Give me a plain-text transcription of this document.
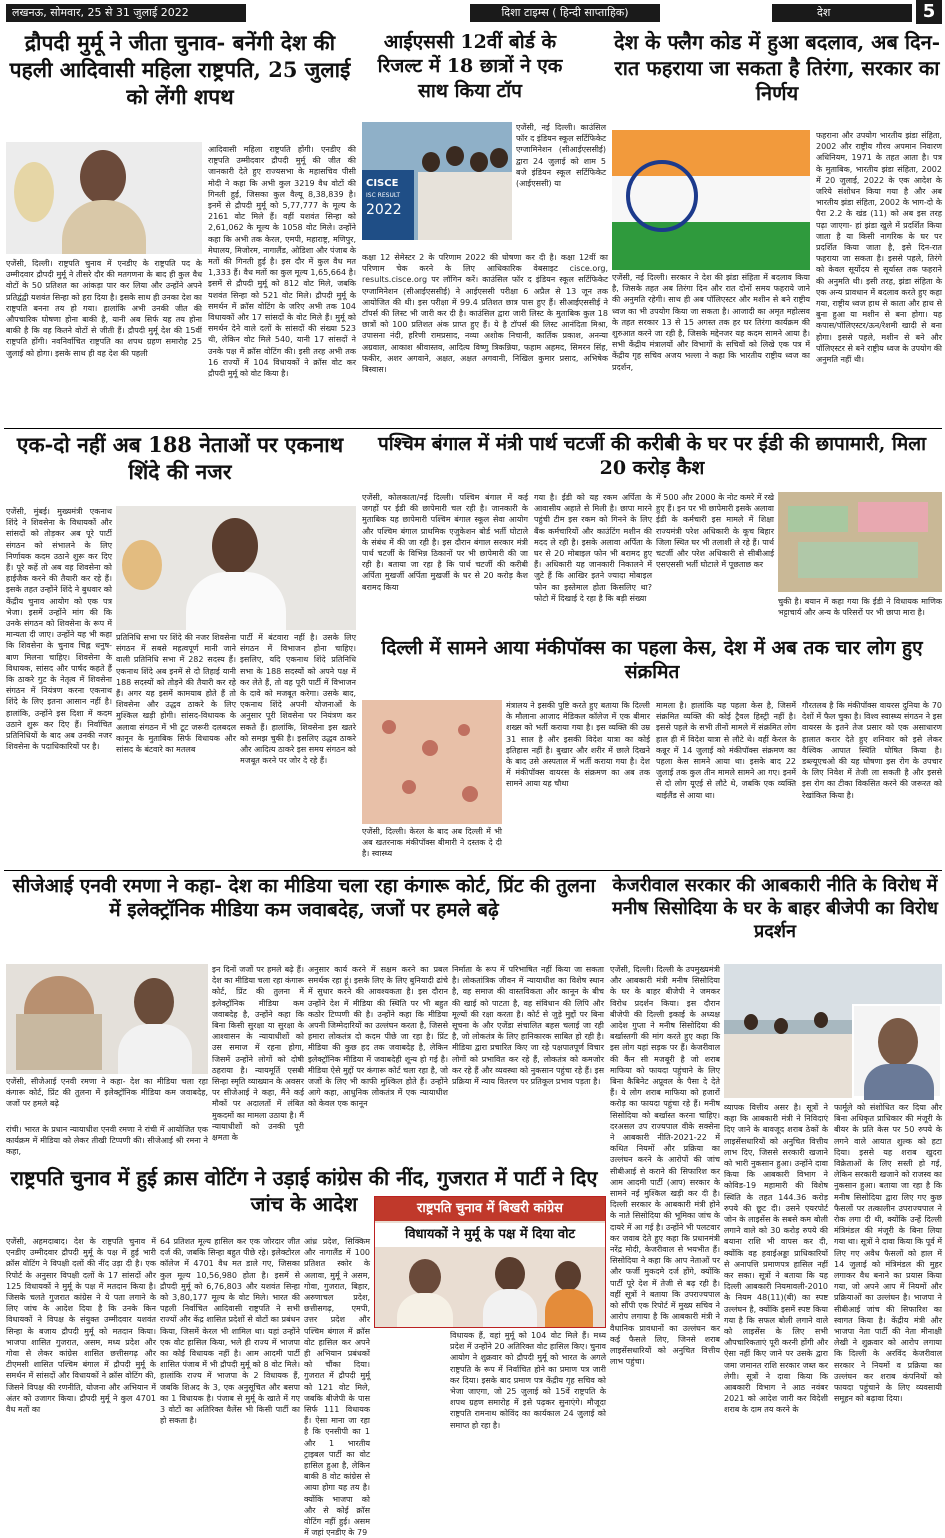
लखनऊ, सोमवार, 25 से 31 जुलाई 2022	दिशा टाइम्स ( हिन्दी साप्ताहिक)	देश	5
द्रौपदी मुर्मू ने जीता चुनाव- बनेंगी देश की पहली आदिवासी महिला राष्ट्रपति, 25 जुलाई को लेंगी शपथ
एजेंसी, दिल्ली। राष्ट्रपति चुनाव में एनडीए के राष्ट्रपति पद के उम्मीदवार द्रौपदी मुर्मू ने तीसरे दौर की मतगणना के बाद ही कुल वैध वोटों के 50 प्रतिशत का आंकड़ा पार कर लिया और उन्होंने अपने प्रतिद्वंद्वी यशवंत सिन्हा को हरा दिया है। इसके साथ ही उनका देश का राष्ट्रपति बनना तय हो गया। हालांकि अभी उनकी जीत की औपचारिक घोषणा होना बाकी है, यानी अब सिर्फ यह तय होना बाकी है कि वह कितने वोटों से जीती हैं। द्रौपदी मुर्मू देश की 15वीं राष्ट्रपति होंगी। नवनिर्वाचित राष्ट्रपति का शपथ ग्रहण समारोह 25 जुलाई को होगा। इसके साथ ही वह देश की पहली
आदिवासी महिला राष्ट्रपति होंगी। एनडीए की राष्ट्रपति उम्मीदवार द्रौपदी मुर्मू की जीत की जानकारी देते हुए राज्यसभा के महासचिव पीसी मोदी ने कहा कि अभी कुल 3219 वैध वोटों की गिनती हुई, जिसका कुल वैल्यू 8,38,839 है। इनमें से द्रौपदी मुर्मू को 5,77,777 के मूल्य के 2161 वोट मिले हैं। वहीं यशवंत सिन्हा को 2,61,062 के मूल्य के 1058 वोट मिले। उन्होंने कहा कि अभी तक केरल, एमपी, महाराष्ट्र, मणिपुर, मेघालय, मिजोरम, नागालैंड, ओडिशा और पंजाब के मतों की गिनती हुई है। इस दौर में कुल वैध मत 1,333 हैं। वैध मतों का कुल मूल्य 1,65,664 है। इसमें से द्रौपदी मुर्मू को 812 वोट मिले, जबकि यशवंत सिन्हा को 521 वोट मिले। द्रौपदी मुर्मू के समर्थन में क्रॉस वोटिंग के जरिए अभी तक 104 विधायकों और 17 सांसदों के वोट मिले हैं। मुर्मू को समर्थन देने वाले दलों के सांसदों की संख्या 523 थी, लेकिन वोट मिले 540, यानी 17 सांसदों ने उनके पक्ष में क्रॉस वोटिंग की। इसी तरह अभी तक 16 राज्यों में 104 विधायकों ने क्रॉस वोट कर द्रौपदी मुर्मू को वोट किया है।
आईएससी 12वीं बोर्ड के रिजल्ट में 18 छात्रों ने एक साथ किया टॉप
CISCE
ISC RESULT
2022
एजेंसी, नई दिल्ली। काउंसिल फॉर द इंडियन स्कूल सर्टिफिकेट एग्जामिनेशन (सीआईएससीई) द्वारा 24 जुलाई को शाम 5 बजे इंडियन स्कूल सर्टिफिकेट (आईएससी) या
कक्षा 12 सेमेस्टर 2 के परिणाम 2022 की घोषणा कर दी है। कक्षा 12वीं का परिणाम चेक करने के लिए आधिकारिक वेबसाइट cisce.org, results.cisce.org पर लॉगिन करें। काउंसिल फॉर द इंडियन स्कूल सर्टिफिकेट एग्जामिनेशन (सीआईएससीई) ने आईएससी परीक्षा 6 अप्रैल से 13 जून तक आयोजित की थी। इस परीक्षा में 99.4 प्रतिशत छात्र पास हुए हैं। सीआईएससीई ने टॉपर्स की लिस्ट भी जारी कर दी है। काउंसिल द्वारा जारी लिस्ट के मुताबिक कुल 18 छात्रों को 100 प्रतिशत अंक प्राप्त हुए हैं। ये है टॉपर्स की लिस्ट आनंदिता मिश्रा, उपासना नंदी, हरिणी रामप्रसाद, नव्या अशोक निचानी, कार्तिक प्रकाश, अनन्या अग्रवाल, आकाश श्रीवास्तव, आदित्य विष्णु त्रिकन्निया, फहाम अहमद, सिमरन सिंह, फकीर, अशर अगवाने, अक्षत, अक्षत अगवानी, निखिल कुमार प्रसाद, अभिषेक बिस्वास।
देश के फ्लैग कोड में हुआ बदलाव, अब दिन-रात फहराया जा सकता है तिरंगा, सरकार का निर्णय
एजेंसी, नई दिल्ली। सरकार ने देश की झंडा संहिता में बदलाव किया है, जिसके तहत अब तिरंगा दिन और रात दोनों समय फहराये जाने की अनुमति रहेगी। साथ ही अब पॉलिएस्टर और मशीन से बने राष्ट्रीय ध्वज का भी उपयोग किया जा सकता है। आजादी का अमृत महोत्सव के तहत सरकार 13 से 15 अगस्त तक हर घर तिरंगा कार्यक्रम की शुरुआत करने जा रही है, जिसके मद्देनजर यह कदम सामने आया है। सभी केंद्रीय मंत्रालयों और विभागों के सचिवों को लिखे एक पत्र में केंद्रीय गृह सचिव अजय भल्ला ने कहा कि भारतीय राष्ट्रीय ध्वज का प्रदर्शन,
फहराना और उपयोग भारतीय झंडा संहिता, 2002 और राष्ट्रीय गौरव अपमान निवारण अधिनियम, 1971 के तहत आता है। पत्र के मुताबिक, भारतीय झंडा संहिता, 2002 में 20 जुलाई, 2022 के एक आदेश के जरिये संशोधन किया गया है और अब भारतीय झंडा संहिता, 2002 के भाग-दो के पैरा 2.2 के खंड (11) को अब इस तरह पढ़ा जाएगा- हां झंडा खुले में प्रदर्शित किया जाता है या किसी नागरिक के घर पर प्रदर्शित किया जाता है, इसे दिन-रात फहराया जा सकता है। इससे पहले, तिरंगे को केवल सूर्योदय से सूर्यास्त तक फहराने की अनुमति थी। इसी तरह, झंडा संहिता के एक अन्य प्रावधान में बदलाव करते हुए कहा गया, राष्ट्रीय ध्वज हाथ से काता और हाथ से बुना हुआ या मशीन से बना होगा। यह कपास/पॉलिएस्टर/ऊन/रेशमी खादी से बना होगा। इससे पहले, मशीन से बने और पॉलिएस्टर से बने राष्ट्रीय ध्वज के उपयोग की अनुमति नहीं थी।
एक-दो नहीं अब 188 नेताओं पर एकनाथ शिंदे की नजर
एजेंसी, मुंबई। मुख्यमंत्री एकनाथ शिंदे ने शिवसेना के विधायकों और सांसदों को तोड़कर अब पूरे पार्टी संगठन को संभालने के लिए निर्णायक कदम उठाने शुरू कर दिए हैं। पूरे कहें तो अब वह शिवसेना को हाईजैक करने की तैयारी कर रहे हैं। इसके तहत उन्होंने शिंदे ने बुधवार को केंद्रीय चुनाव आयोग को एक पत्र भेजा। इसमें उन्होंने मांग की कि उनके संगठन को शिवसेना के रूप में मान्यता दी जाए। उन्होंने यह भी कहा कि शिवसेना के चुनाव चिह्न धनुष-बाण मिलना चाहिए। शिवसेना के विधायक, सांसद और पार्षद कहते हैं कि ठाकरे गुट के नेतृत्व में शिवसेना संगठन में नियंत्रण करना एकनाथ शिंदे के लिए इतना आसान नहीं है। हालांकि, उन्होंने इस दिशा में कदम उठाने शुरू कर दिए हैं। निर्वाचित प्रतिनिधियों के बाद अब उनकी नजर शिवसेना के पदाधिकारियों पर है।
प्रतिनिधि सभा पर शिंदे की नजर शिवसेना संगठन में सबसे महत्वपूर्ण मानी जाने वाली प्रतिनिधि सभा में 282 सदस्य हैं। एकनाथ शिंदे अब इनमें से दो तिहाई यानी 188 सदस्यों को तोड़ने की तैयारी कर रहे हैं। अगर यह इसमें कामयाब होते हैं तो शिवसेना और उद्धव ठाकरे के लिए मुश्किल खड़ी होगी। सांसद-विधायक के अलावा संगठन में भी टूट जरूरी दलबदल कानून के मुताबिक सिर्फ विधायक और सांसद के बंटवारे का मतलब
पार्टी में बंटवारा नहीं है। उसके लिए संगठन में विभाजन होना चाहिए। इसलिए, यदि एकनाथ शिंदे प्रतिनिधि सभा के 188 सदस्यों को अपने पक्ष में कर लेते हैं, तो वह पूरी पार्टी में विभाजन के दावे को मजबूत करेगा। उसके बाद, एकनाथ शिंदे अपनी योजनाओं के अनुसार पूरी शिवसेना पर नियंत्रण कर सकते हैं। हालांकि, शिवसेना इस खतरे को समझ चुकी है। इसलिए उद्धव ठाकरे और आदित्य ठाकरे इस समय संगठन को मजबूत करने पर जोर दे रहे हैं।
पश्चिम बंगाल में मंत्री पार्थ चटर्जी की करीबी के घर पर ईडी की छापामारी, मिला 20 करोड़ कैश
एजेंसी, कोलकाता/नई दिल्ली। पश्चिम बंगाल में कई जगहों पर ईडी की छापेमारी चल रही है। जानकारी के मुताबिक यह छापेमारी पश्चिम बंगाल स्कूल सेवा आयोग और पश्चिम बंगाल प्राथमिक एजुकेशन बोर्ड भर्ती घोटाले के संबंध में की जा रही है। इस दौरान बंगाल सरकार मंत्री पार्थ चटर्जी के विभिन्न ठिकानों पर भी छापेमारी की जा रही है। बताया जा रहा है कि पार्थ चटर्जी की करीबी अर्पिता मुखर्जी अर्पिता मुखर्जी के घर से 20 करोड़ कैश बरामद किया
गया है। ईडी को यह रकम अर्पिता के आवासीय अहाते से मिली है। छापा मारने पहुंची टीम इस रकम को गिनने के लिए बैंक कर्मचारियों और काउंटिंग मशीन की मदद ले रही है। इसके अलावा अर्पिता के घर से 20 मोबाइल फोन भी बरामद हुए हैं। अधिकारी यह जानकारी निकालने में जुटे हैं कि आखिर इतने ज्यादा मोबाइल फोन का इस्तेमाल होता किसलिए था? फोटो में दिखाई दे रहा है कि बड़ी संख्या
में 500 और 2000 के नोट कमरे में रखे हुए हैं। इन पर भी छापेमारी इसके अलावा ईडी के कर्मचारी इस मामले में शिक्षा राज्यमंत्री परेश अधिकारी के कूच बिहार जिला स्थित घर भी तलाशी ले रहे हैं। पार्थ चटर्जी और परेश अधिकारी से सीबीआई एसएससी भर्ती घोटाले में पूछताछ कर
चुकी है। बयान में कहा गया कि ईडी ने विधायक माणिक भट्टाचार्य और अन्य के परिसरों पर भी छापा मारा है।
दिल्ली में सामने आया मंकीपॉक्स का पहला केस, देश में अब तक चार लोग हुए संक्रमित
एजेंसी, दिल्ली। केरल के बाद अब दिल्ली में भी अब खतरनाक मंकीपॉक्स बीमारी ने दस्तक दे दी है। स्वास्थ्य
मंत्रालय ने इसकी पुष्टि करते हुए बताया कि दिल्ली के मौलाना आजाद मेडिकल कॉलेज में एक बीमार शख्स को भर्ती कराया गया है। इस व्यक्ति की उम्र 31 साल है और इसकी विदेश यात्रा का कोई इतिहास नहीं है। बुखार और शरीर में छाले दिखने के बाद उसे अस्पताल में भर्ती कराया गया है। देश में मंकीपॉक्स वायरस के संक्रमण का अब तक सामने आया यह चौथा
मामला है। हालांकि यह पहला केस है, जिसमें संक्रमित व्यक्ति की कोई ट्रैवल हिस्ट्री नहीं है। इससे पहले के सभी तीनों मामले में संक्रमित लोग हाल ही में विदेश यात्रा से लौटे थे। वहीं केरल के कन्नूर में 14 जुलाई को मंकीपॉक्स संक्रमण का पहला केस सामने आया था। इसके बाद 22 जुलाई तक कुल तीन मामले सामने आ गए। इनमें से दो लोग यूएई से लौटे थे, जबकि एक व्यक्ति थाईलैंड से आया था।
गौरतलब है कि मंकीपॉक्स वायरस दुनिया के 70 देशों में फैल चुका है। विश्व स्वास्थ्य संगठन ने इस वायरस के इतने तेज प्रसार को एक असाधारण हालात करार देते हुए शनिवार को इसे लेकर वैश्विक आपात स्थिति घोषित किया है। डब्ल्यूएचओ की यह घोषणा इस रोग के उपचार के लिए निवेश में तेजी ला सकती है और इससे इस रोग का टीका विकसित करने की जरूरत को रेखांकित किया है।
सीजेआई एनवी रमणा ने कहा- देश का मीडिया चला रहा कंगारू कोर्ट, प्रिंट की तुलना में इलेक्ट्रॉनिक मीडिया कम जवाबदेह, जजों पर हमले बढ़े
एजेंसी, सीजेआई एनवी रमणा ने कहा- देश का मीडिया चला रहा कंगारू कोर्ट, प्रिंट की तुलना में इलेक्ट्रॉनिक मीडिया कम जवाबदेह, जजों पर हमले बढ़े
रांची। भारत के प्रधान न्यायाधीश एनवी रमणा ने रांची में आयोजित एक कार्यक्रम में मीडिया को लेकर तीखी टिप्पणी की। सीजेआई श्री रमना ने कहा,
इन दिनों जजों पर हमले बढ़े हैं। देश का मीडिया चला रहा कंगारू कोर्ट, प्रिंट की तुलना में इलेक्ट्रॉनिक मीडिया कम जवाबदेह है, उन्होंने कहा कि बिना किसी सुरक्षा या सुरक्षा के आश्वासन के न्यायाधीशों को उस समाज में रहना होगा, जिसमें उन्होंने लोगों को दोषी ठहराया है। न्यायमूर्ति एसबी सिन्हा स्मृति व्याख्यान के अवसर पर सीजेआई ने कहा, मैंने कई मौकों पर अदालतों में लंबित मुकदमों का मामला उठाया है। मैं न्यायाधीशों को उनकी पूरी क्षमता के
अनुसार कार्य करने में सक्षम करने का प्रबल समर्थक रहा हूं। इसके लिए के लिए बुनियादी ढांचे में सुधार करने की आवश्यकता है। इस दौरान उन्होंने देश में मीडिया की स्थिति पर भी बहुत कठोर टिप्पणी की है। उन्होंने कहा कि मीडिया अपनी जिम्मेदारियों का उल्लंघन करता है, जिससे हमारा लोकतंत्र दो कदम पीछे जा रहा है। प्रिंट मीडिया की कुछ हद तक जवाबदेह है, लेकिन इलेक्ट्रॉनिक मीडिया में जवाबदेही शून्य हो गई है। मीडिया ऐसे मुद्दों पर कंगारू कोर्ट चला रहा है, जो जजों के लिए भी काफी मुश्किल होते हैं। उन्होंने आगे कहा, आधुनिक लोकतंत्र में एक न्यायाधीश को केवल एक कानून
निर्माता के रूप में परिभाषित नहीं किया जा सकता है। लोकतांत्रिक जीवन में न्यायाधीश का विशेष स्थान है, वह समाज की वास्तविकता और कानून के बीच की खाई को पाटता है, वह संविधान की लिपि और मूल्यों की रक्षा करता है। कोर्ट से जुड़े मुद्दों पर बिना सूचना के और एजेंडा संचालित बहस चलाई जा रही है, जो लोकतंत्र के लिए हानिकारक साबित हो रही है। मीडिया द्वारा प्रचारित किए जा रहे पक्षपातपूर्ण विचार लोगों को प्रभावित कर रहे हैं, लोकतंत्र को कमजोर कर रहे हैं और व्यवस्था को नुकसान पहुंचा रहे हैं। इस प्रक्रिया में न्याय वितरण पर प्रतिकूल प्रभाव पड़ता है।
केजरीवाल सरकार की आबकारी नीति के विरोध में मनीष सिसोदिया के घर के बाहर बीजेपी का विरोध प्रदर्शन
एजेंसी, दिल्ली। दिल्ली के उपमुख्यमंत्री और आबकारी मंत्री मनीष सिसोदिया के घर के बाहर बीजेपी ने जमकर विरोध प्रदर्शन किया। इस दौरान बीजेपी की दिल्ली इकाई के अध्यक्ष आदेश गुप्ता ने मनीष सिसोदिया की बर्खास्तगी की मांग करते हुए कहा कि इस लोग यहां सड़क पर हैं। केजरीवाल की कैंन सी मजबूरी है जो शराब माफिया को फायदा पहुंचाने के लिए बिना कैबिनेट अप्रूवल के पैसा दे देते हैं। ये लोग शराब माफिया को हजारों करोड़ का फायदा पहुंचा रहे हैं। मनीष सिसोदिया को बर्खास्त करना चाहिए। दरअसल उप राज्यपाल वीके सक्सेना ने आबकारी नीति-2021-22 में कथित नियमों और प्रक्रिया का उल्लंघन करने के आरोपों की जांच सीबीआई से कराने की सिफारिश कर आम आदमी पार्टी (आप) सरकार के सामने नई मुश्किल खड़ी कर दी है। दिल्ली सरकार के आबकारी मंत्री होने के नाते सिसोदिया की भूमिका जांच के दायरे में आ गई है। उन्होंने भी पलटवार कर जवाब देते हुए कहा कि प्रधानमंत्री नरेंद्र मोदी, केजरीवाल से भयभीत हैं। सिसोदिया ने कहा कि आप नेताओं पर और फर्जी मुकदमे दर्ज होंगे, क्योंकि पार्टी पूरे देश में तेजी से बढ़ रही है। वहीं सूत्रों ने बताया कि उपराज्यपाल को सौंपी एक रिपोर्ट में मुख्य सचिव ने आरोप लगाया है कि आबकारी मंत्री ने वैधानिक प्रावधानों का उल्लंघन कर कई फैसले लिए, जिनसे शराब लाइसेंसधारियों को अनुचित वित्तीय लाभ पहुंचा।
व्यापक वित्तीय असर है। सूत्रों ने कहा कि आबकारी मंत्री ने निविदाएं दिए जाने के बावजूद शराब ठेकों के लाइसेंसधारियों को अनुचित वित्तीय लाभ दिए, जिससे सरकारी खजाने को भारी नुकसान हुआ। उन्होंने दावा किया कि आबकारी विभाग ने कोविड-19 महामारी की विशेष स्थिति के तहत 144.36 करोड़ रुपये की छूट दी। उसने एयरपोर्ट जोन के लाइसेंस के सबसे कम बोली लगाने वाले को 30 करोड़ रुपये की बयाना राशि भी वापस कर दी, क्योंकि वह हवाईअड्डा प्राधिकारियों से अनापत्ति प्रमाणपत्र हासिल नहीं कर सका। सूत्रों ने बताया कि यह दिल्ली आबकारी नियमावली-2010 के नियम 48(11)(बी) का स्पष्ट उल्लंघन है, क्योंकि इसमें स्पष्ट किया गया है कि सफल बोली लगाने वाले को लाइसेंस के लिए सभी औपचारिकताएं पूरी करनी होंगी और ऐसा नहीं किए जाने पर उसके द्वारा जमा जमानत राशि सरकार जब्त कर लेगी। सूत्रों ने दावा किया कि आबकारी विभाग ने आठ नवंबर 2021 को आदेश जारी कर विदेशी शराब के दाम तय करने के
फार्मूले को संशोधित कर दिया और बिना अधिकृत प्राधिकार की मंजूरी के बीयर के प्रति केस पर 50 रुपये के लगने वाले आयात शुल्क को हटा दिया। इससे यह शराब खुदरा विक्रेताओं के लिए सस्ती हो गई, लेकिन सरकारी खजाने को राजस्व का नुकसान हुआ। बताया जा रहा है कि मनीष सिसोदिया द्वारा लिए गए कुछ फैसलों पर तत्कालीन उपराज्यपाल ने रोक लगा दी थी, क्योंकि उन्हें दिल्ली मंत्रिमंडल की मंजूरी के बिना लिया गया था। सूत्रों ने दावा किया कि पूर्व में लिए गए अवैध फैसलों को हाल में 14 जुलाई को मंत्रिमंडल की मुहर लगाकर वैध बनाने का प्रयास किया गया, जो अपने आप में नियमों और प्रक्रियाओं का उल्लंघन है। भाजपा ने सीबीआई जांच की सिफारिश का स्वागत किया है। केंद्रीय मंत्री और भाजपा नेता पार्टी की नेता मीनाक्षी लेखी ने शुक्रवार को आरोप लगाया कि दिल्ली के अरविंद केजरीवाल सरकार ने नियमों व प्रक्रिया का उल्लंघन कर शराब कंपनियों को फायदा पहुंचाने के लिए व्यवसायी समूहन को बढ़ावा दिया।
राष्ट्रपति चुनाव में हुई क्रास वोटिंग ने उड़ाई कांग्रेस की नींद, गुजरात में पार्टी ने दिए जांच के आदेश
एजेंसी, अहमदाबाद। देश के राष्ट्रपति चुनाव में एनडीए उम्मीदवार द्रौपदी मुर्मू के पक्ष में हुई भारी क्रॉस वोटिंग ने विपक्षी दलों की नींद उड़ा दी है। एक रिपोर्ट के अनुसार विपक्षी दलों के 17 सांसदों और 125 विधायकों ने मुर्मू के पक्ष में मतदान किया है। जिसके चलते गुजरात कांग्रेस ने ये पता लगाने के लिए जांच के आदेश दिया है कि उनके किन विधायकों ने विपक्ष के संयुक्त उम्मीदवार यशवंत सिन्हा के बजाय द्रौपदी मुर्मू को मतदान किया। भाजपा शासित गुजरात, असम, मध्य प्रदेश और गोवा से लेकर कांग्रेस शासित छत्तीसगढ़ और टीएमसी शासित पश्चिम बंगाल में द्रौपदी मुर्मू के समर्थन में सांसदों और विधायकों ने क्रॉस वोटिंग की, जिसने विपक्ष की रणनीति, योजना और अभियान में अंतर को उजागर किया। द्रौपदी मुर्मू ने कुल 4701 वैध मतों का
64 प्रतिशत मूल्य हासिल कर एक जोरदार जीत दर्ज की, जबकि सिन्हा बहुत पीछे रहे। इलेक्टोरल कॉलेज में 4701 वैध मत डाले गए, जिसका कुल मूल्य 10,56,980 होता है। इसमें से द्रौपदी मुर्मू को 6,76,803 और यशवंत सिन्हा को 3,80,177 मूल्य के वोट मिले। भारत की पहली निर्वाचित आदिवासी राष्ट्रपति ने सभी राज्यों और केंद्र शासित प्रदेशों से वोटों का प्रबंधन किया, जिसमें केरल भी शामिल था। यहां उन्होंने एक वोट हासिल किया, भले ही राज्य में भाजपा का कोई विधायक नहीं है। आम आदमी पार्टी शासित पंजाब में भी द्रौपदी मुर्मू को 8 वोट मिले। हालांकि राज्य में भाजपा के 2 विधायक हैं, जबकि शिअद के 3, एक अनुसूचित और बसपा का 1 विधायक है। पंजाब से मुर्मू के खाते में गए 3 वोटों का अतिरिक्त वैलेंस भी किसी पार्टी का हो सकता है।
आंध्र प्रदेश, सिक्किम और नागालैंड में 100 प्रतिशत स्कोर के अलावा, मुर्मू ने असम, गोवा, गुजरात, बिहार, अरुणाचल प्रदेश, छत्तीसगढ़, एमपी, उत्तर प्रदेश और पश्चिम बंगाल में क्रॉस वोट हासिल कर अपने ही अभियान प्रबंधकों को चौंका दिया। गुजरात में द्रौपदी मुर्मू को 121 वोट मिले, जबकि बीजेपी के पास सिर्फ 111 विधायक हैं। ऐसा माना जा रहा है कि एनसीपी का 1 और 1 भारतीय ट्राइबल पार्टी का वोट हासिल हुआ है, लेकिन बाकी 8 वोट कांग्रेस से आया होगा यह तय है। क्योंकि भाजपा को और से कोई क्रॉस वोटिंग नहीं हुई। असम में जहां एनडीए के 79
राष्ट्रपति चुनाव में बिखरी कांग्रेस
विधायकों ने मुर्मू के पक्ष में दिया वोट
विधायक हैं, वहां मुर्मू को 104 वोट मिले हैं। मध्य प्रदेश में उन्होंने 20 अतिरिक्त वोट हासिल किए। चुनाव आयोग ने शुक्रवार को द्रौपदी मुर्मू को भारत के अगले राष्ट्रपति के रूप में निर्वाचित होने का प्रमाण पत्र जारी कर दिया। इसके बाद प्रमाण पत्र केंद्रीय गृह सचिव को भेजा जाएगा, जो 25 जुलाई को 15वें राष्ट्रपति के शपथ ग्रहण समारोह में इसे पढ़कर सुनाएंगे। मौजूदा राष्ट्रपति रामनाथ कोविंद का कार्यकाल 24 जुलाई को समाप्त हो रहा है।
